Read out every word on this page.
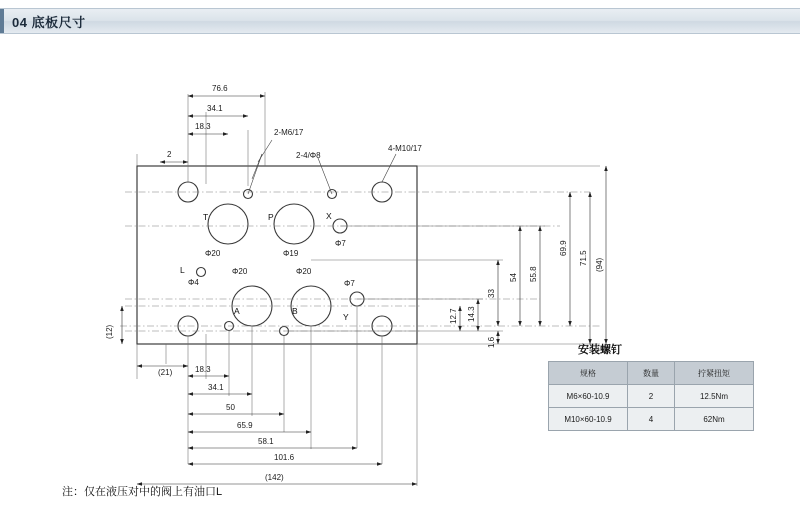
04 底板尺寸
T	P	X
L
A	B
Y
Φ20	Φ19
Φ7
Φ4
Φ20	Φ20
Φ7
2-M6/17
2-4/Φ8
4-M10/17
76.6
34.1
18.3
2
(21)	18.3
34.1
50
65.9
58.1
101.6
(142)
(12)
71.5
69.9
(94)
55.8
54
33
14.3
12.7
1.6
安装螺钉
规格	数量	拧紧扭矩
M6×60-10.9	2	12.5Nm
M10×60-10.9	4	62Nm
注：仅在液压对中的阀上有油口L
